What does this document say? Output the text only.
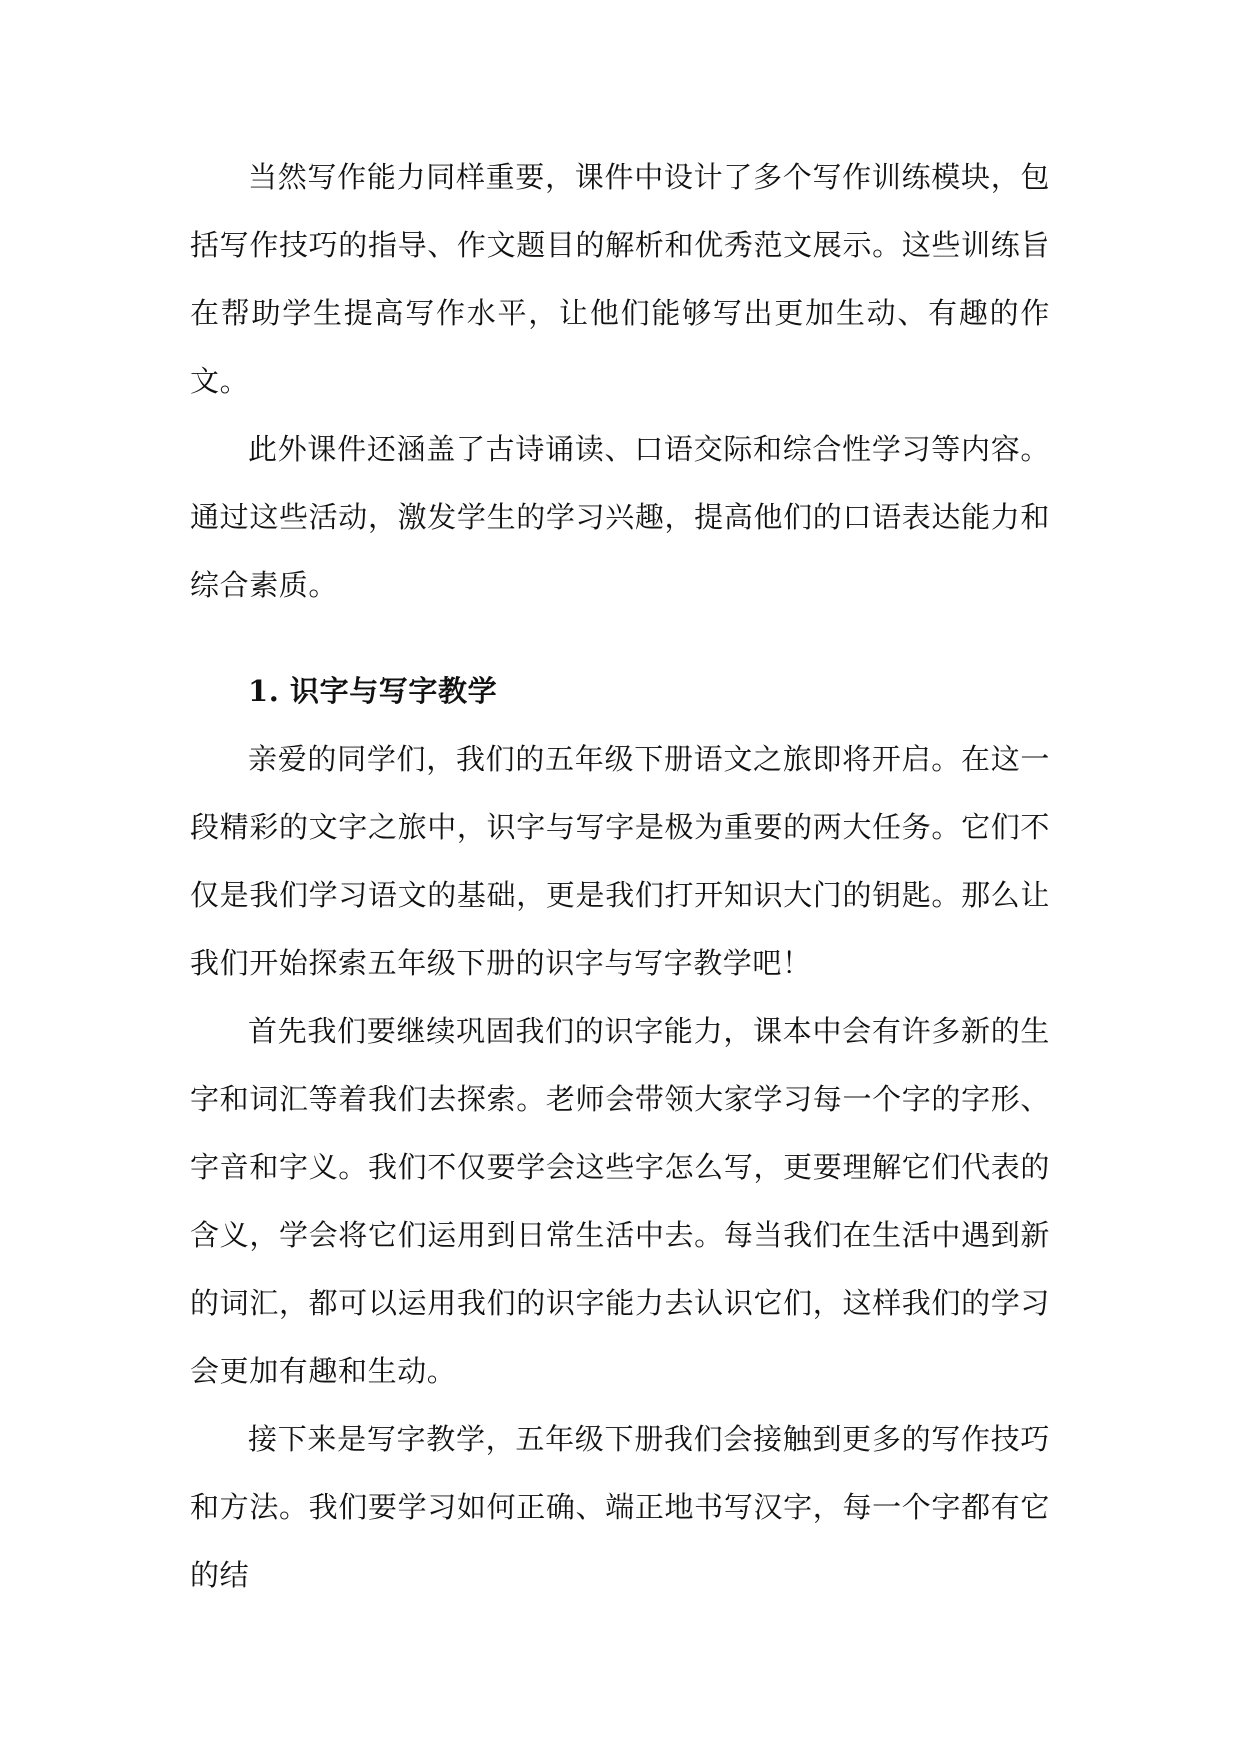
当然写作能力同样重要，课件中设计了多个写作训练模块，包括写作技巧的指导、作文题目的解析和优秀范文展示。这些训练旨在帮助学生提高写作水平，让他们能够写出更加生动、有趣的作文。

此外课件还涵盖了古诗诵读、口语交际和综合性学习等内容。通过这些活动，激发学生的学习兴趣，提高他们的口语表达能力和综合素质。

1. 识字与写字教学

亲爱的同学们，我们的五年级下册语文之旅即将开启。在这一段精彩的文字之旅中，识字与写字是极为重要的两大任务。它们不仅是我们学习语文的基础，更是我们打开知识大门的钥匙。那么让我们开始探索五年级下册的识字与写字教学吧！

首先我们要继续巩固我们的识字能力，课本中会有许多新的生字和词汇等着我们去探索。老师会带领大家学习每一个字的字形、字音和字义。我们不仅要学会这些字怎么写，更要理解它们代表的含义，学会将它们运用到日常生活中去。每当我们在生活中遇到新的词汇，都可以运用我们的识字能力去认识它们，这样我们的学习会更加有趣和生动。

接下来是写字教学，五年级下册我们会接触到更多的写作技巧和方法。我们要学习如何正确、端正地书写汉字，每一个字都有它的结
